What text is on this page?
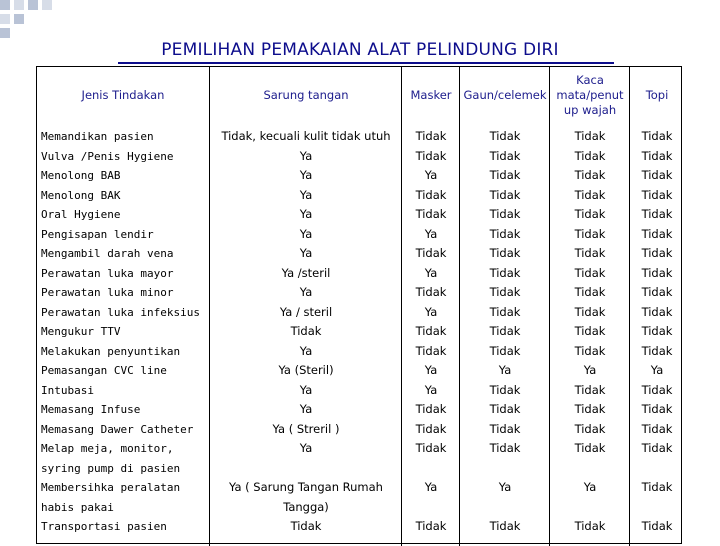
PEMILIHAN PEMAKAIAN ALAT PELINDUNG DIRI
Jenis Tindakan	Sarung tangan	Masker	Gaun/celemek	Kaca mata/penut up wajah	Topi
Memandikan pasien	Tidak, kecuali kulit tidak utuh	Tidak	Tidak	Tidak	Tidak
Vulva /Penis Hygiene	Ya	Tidak	Tidak	Tidak	Tidak
Menolong BAB	Ya	Ya	Tidak	Tidak	Tidak
Menolong BAK	Ya	Tidak	Tidak	Tidak	Tidak
Oral Hygiene	Ya	Tidak	Tidak	Tidak	Tidak
Pengisapan lendir	Ya	Ya	Tidak	Tidak	Tidak
Mengambil darah vena	Ya	Tidak	Tidak	Tidak	Tidak
Perawatan luka mayor	Ya /steril	Ya	Tidak	Tidak	Tidak
Perawatan luka minor	Ya	Tidak	Tidak	Tidak	Tidak
Perawatan luka infeksius	Ya / steril	Ya	Tidak	Tidak	Tidak
Mengukur TTV	Tidak	Tidak	Tidak	Tidak	Tidak
Melakukan penyuntikan	Ya	Tidak	Tidak	Tidak	Tidak
Pemasangan CVC line	Ya (Steril)	Ya	Ya	Ya	Ya
Intubasi	Ya	Ya	Tidak	Tidak	Tidak
Memasang Infuse	Ya	Tidak	Tidak	Tidak	Tidak
Memasang Dawer Catheter	Ya ( Streril )	Tidak	Tidak	Tidak	Tidak
Melap meja, monitor, syring pump di pasien	Ya	Tidak	Tidak	Tidak	Tidak
Membersihka peralatan habis pakai	Ya ( Sarung Tangan Rumah Tangga)	Ya	Ya	Ya	Tidak
Transportasi pasien	Tidak	Tidak	Tidak	Tidak	Tidak
